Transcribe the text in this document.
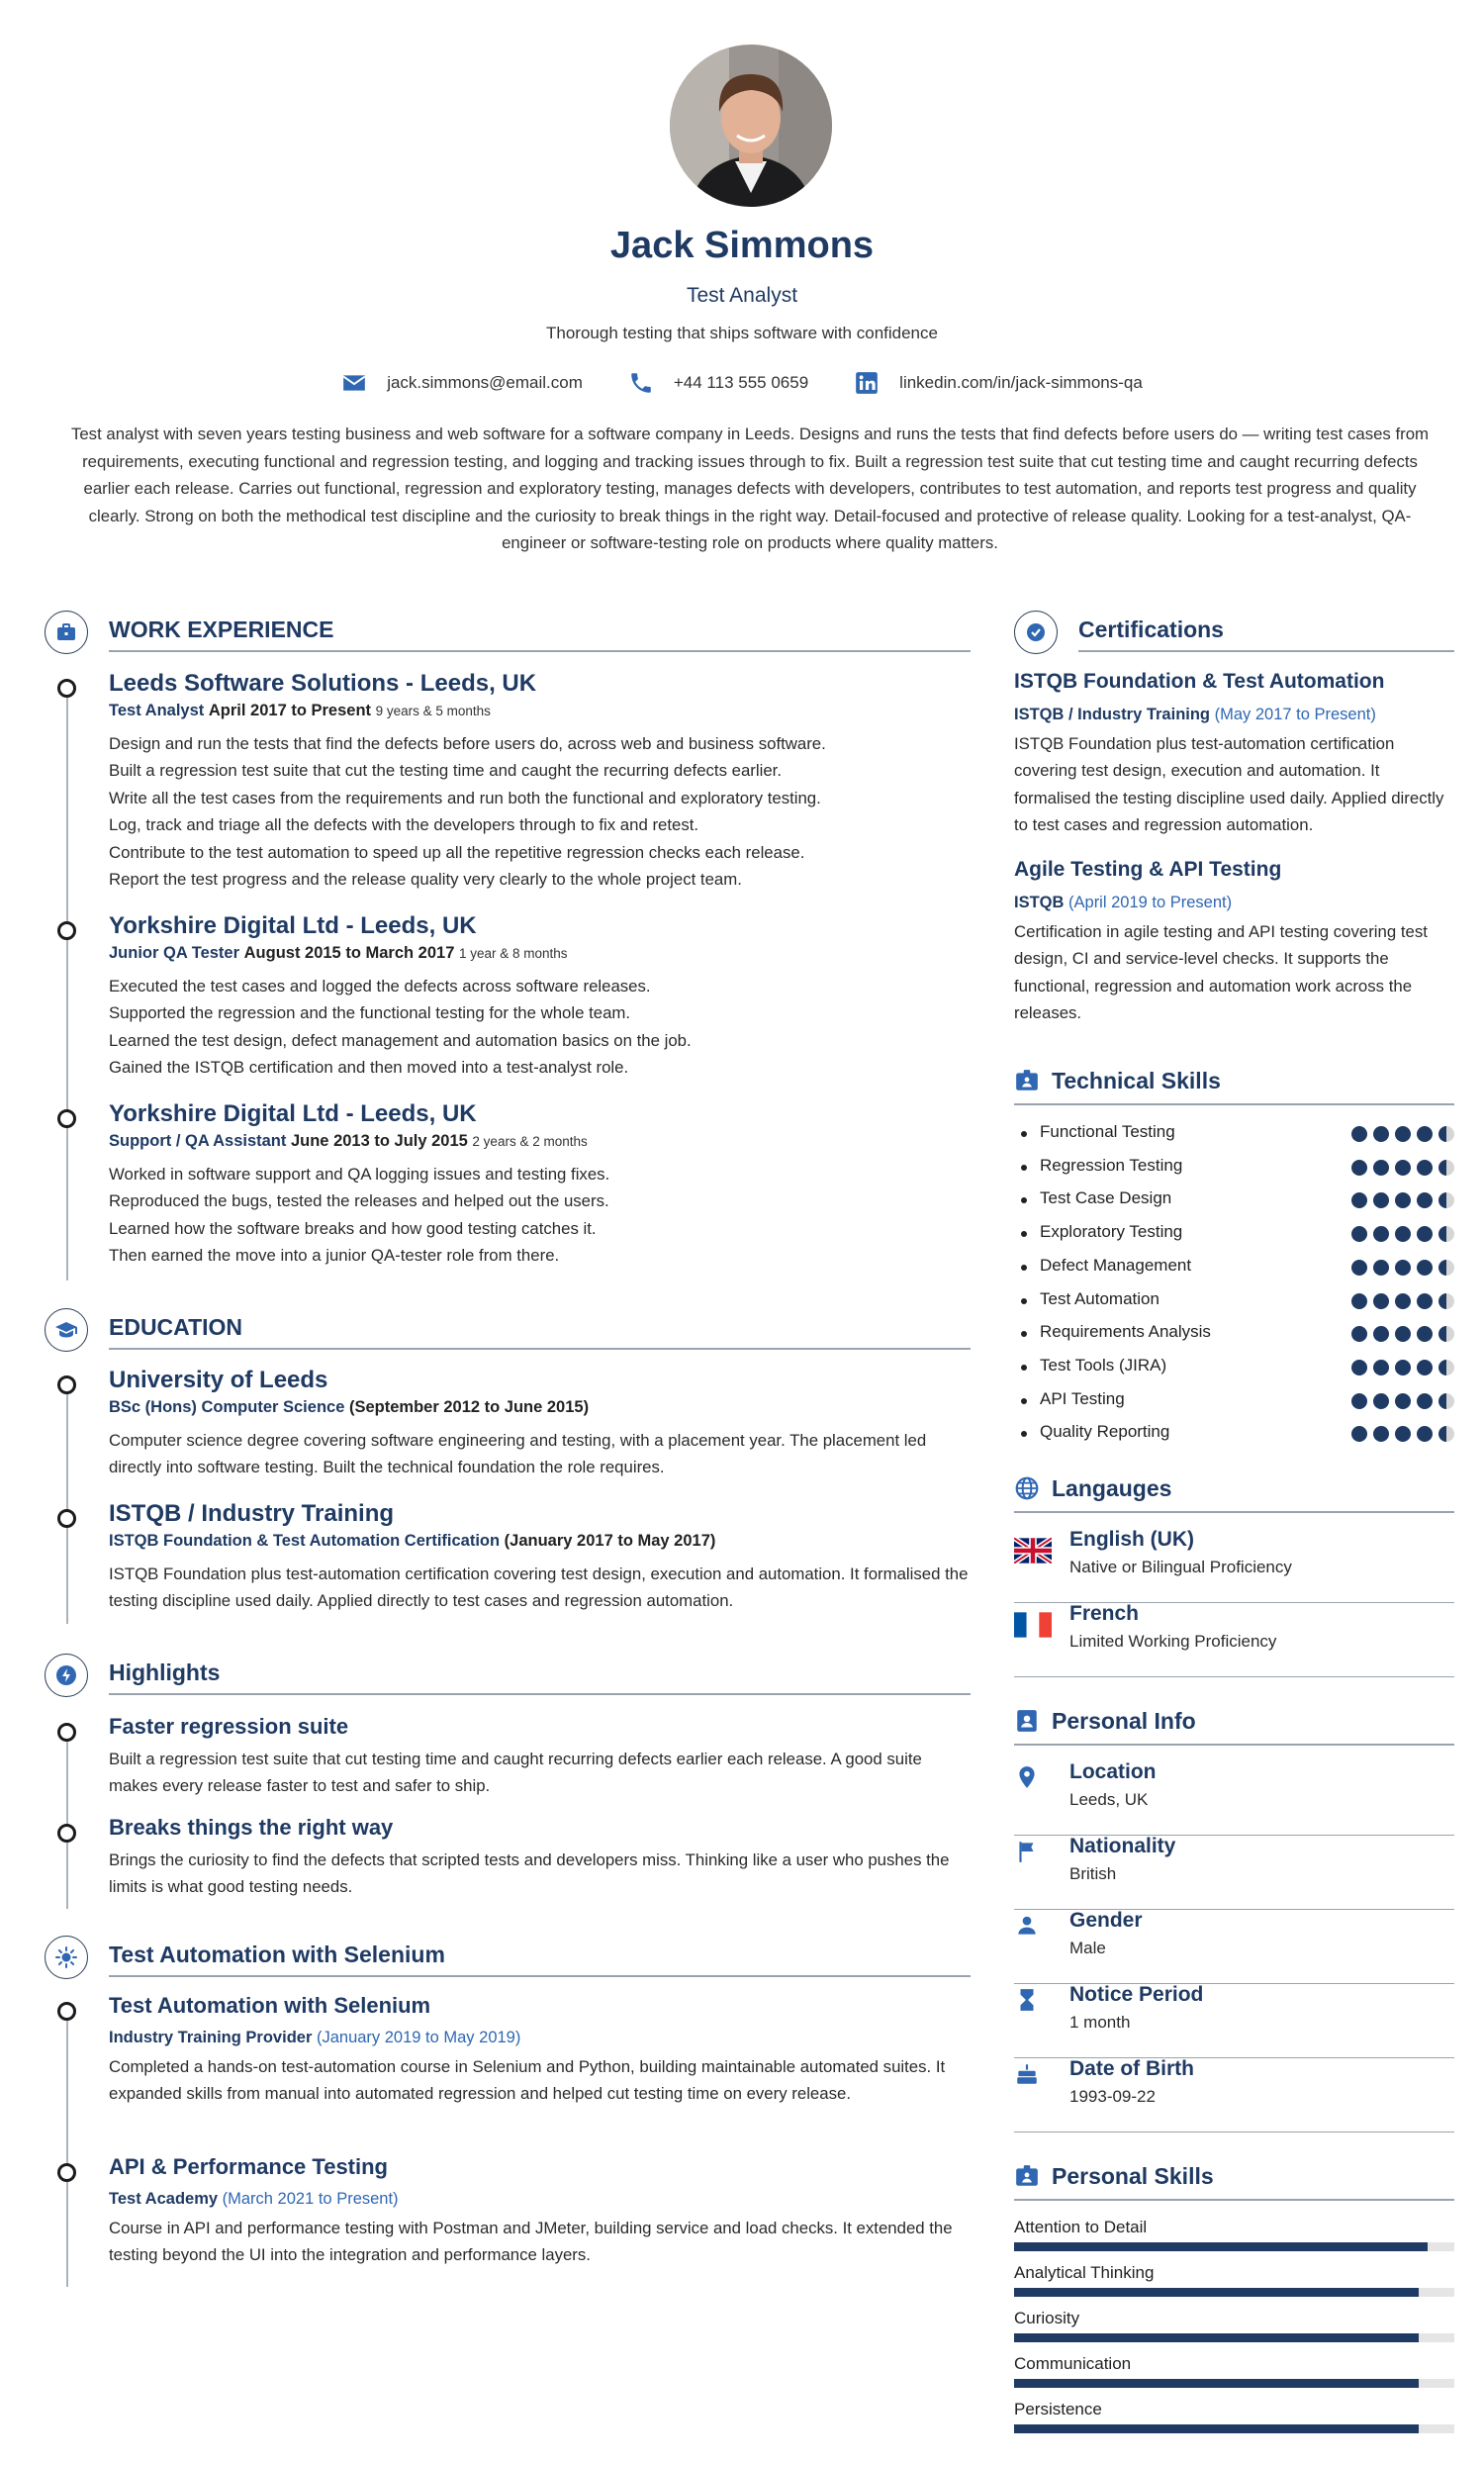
Jack Simmons
Test Analyst
Thorough testing that ships software with confidence
jack.simmons@email.com	+44 113 555 0659	linkedin.com/in/jack-simmons-qa
Test analyst with seven years testing business and web software for a software company in Leeds. Designs and runs the tests that find defects before users do — writing test cases from requirements, executing functional and regression testing, and logging and tracking issues through to fix. Built a regression test suite that cut testing time and caught recurring defects earlier each release. Carries out functional, regression and exploratory testing, manages defects with developers, contributes to test automation, and reports test progress and quality clearly. Strong on both the methodical test discipline and the curiosity to break things in the right way. Detail-focused and protective of release quality. Looking for a test-analyst, QA-engineer or software-testing role on products where quality matters.
WORK EXPERIENCE
Leeds Software Solutions - Leeds, UK
Test Analyst April 2017 to Present 9 years & 5 months
Design and run the tests that find the defects before users do, across web and business software.
Built a regression test suite that cut the testing time and caught the recurring defects earlier.
Write all the test cases from the requirements and run both the functional and exploratory testing.
Log, track and triage all the defects with the developers through to fix and retest.
Contribute to the test automation to speed up all the repetitive regression checks each release.
Report the test progress and the release quality very clearly to the whole project team.
Yorkshire Digital Ltd - Leeds, UK
Junior QA Tester August 2015 to March 2017 1 year & 8 months
Executed the test cases and logged the defects across software releases.
Supported the regression and the functional testing for the whole team.
Learned the test design, defect management and automation basics on the job.
Gained the ISTQB certification and then moved into a test-analyst role.
Yorkshire Digital Ltd - Leeds, UK
Support / QA Assistant June 2013 to July 2015 2 years & 2 months
Worked in software support and QA logging issues and testing fixes.
Reproduced the bugs, tested the releases and helped out the users.
Learned how the software breaks and how good testing catches it.
Then earned the move into a junior QA-tester role from there.
EDUCATION
University of Leeds
BSc (Hons) Computer Science (September 2012 to June 2015)
Computer science degree covering software engineering and testing, with a placement year. The placement led directly into software testing. Built the technical foundation the role requires.
ISTQB / Industry Training
ISTQB Foundation & Test Automation Certification (January 2017 to May 2017)
ISTQB Foundation plus test-automation certification covering test design, execution and automation. It formalised the testing discipline used daily. Applied directly to test cases and regression automation.
Highlights
Faster regression suite
Built a regression test suite that cut testing time and caught recurring defects earlier each release. A good suite makes every release faster to test and safer to ship.
Breaks things the right way
Brings the curiosity to find the defects that scripted tests and developers miss. Thinking like a user who pushes the limits is what good testing needs.
Test Automation with Selenium
Test Automation with Selenium
Industry Training Provider (January 2019 to May 2019)
Completed a hands-on test-automation course in Selenium and Python, building maintainable automated suites. It expanded skills from manual into automated regression and helped cut testing time on every release.
API & Performance Testing
Test Academy (March 2021 to Present)
Course in API and performance testing with Postman and JMeter, building service and load checks. It extended the testing beyond the UI into the integration and performance layers.
Certifications
ISTQB Foundation & Test Automation
ISTQB / Industry Training (May 2017 to Present)

ISTQB Foundation plus test-automation certification covering test design, execution and automation. It formalised the testing discipline used daily. Applied directly to test cases and regression automation.

Agile Testing & API Testing
ISTQB (April 2019 to Present)

Certification in agile testing and API testing covering test design, CI and service-level checks. It supports the functional, regression and automation work across the releases.

Technical Skills
Functional Testing
Regression Testing
Test Case Design
Exploratory Testing
Defect Management
Test Automation
Requirements Analysis
Test Tools (JIRA)
API Testing
Quality Reporting
Langauges
English (UK)
Native or Bilingual Proficiency
French
Limited Working Proficiency
Personal Info
Location
Leeds, UK
Nationality
British
Gender
Male
Notice Period
1 month
Date of Birth
1993-09-22
Personal Skills
Attention to Detail
Analytical Thinking
Curiosity
Communication
Persistence
